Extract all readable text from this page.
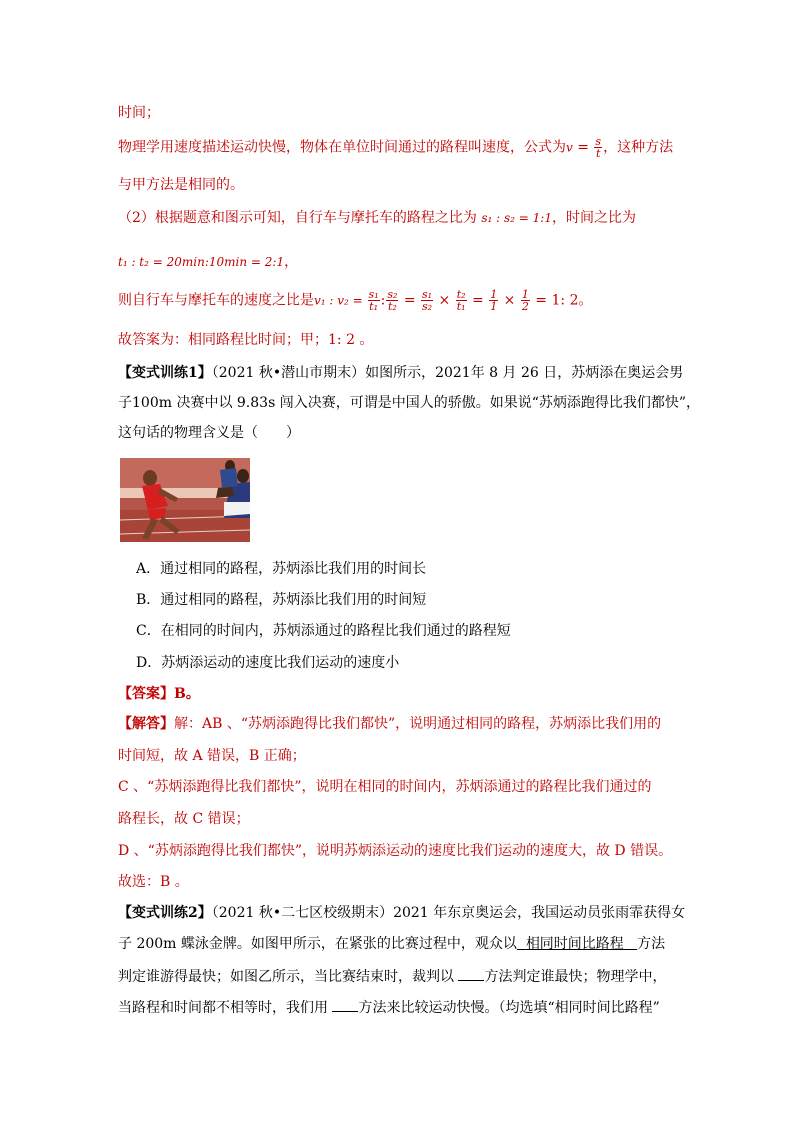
时间；
物理学用速度描述运动快慢，物体在单位时间通过的路程叫速度，公式为$v = \frac{s}{t}$ ，这种方法
与甲方法是相同的。
（2）根据题意和图示可知，自行车与摩托车的路程之比为 s₁ : s₂ = 1:1，时间之比为
t₁ : t₂ = 20min:10min = 2:1，
则自行车与摩托车的速度之比是v₁ : $v_2 = \frac{\text{s₁}}{\text{t₁}}$ : $\frac{\text{s₂}}{\text{t₂}} = \frac{\text{s₁}}{\text{s₂}} \times \frac{\text{t₂}}{\text{t₁}} = \frac{1}{1} \times \frac{1}{2} = 1$: 2。
故答案为：相同路程比时间；甲；1: 2 。
【变式训练1】（2021 秋•潜山市期末）如图所示，2021年 8 月 26 日，苏炳添在奥运会男
子100m 决赛中以 9.83s 闯入决赛，可谓是中国人的骄傲。如果说“苏炳添跑得比我们都快”，
这句话的物理含义是（　　）
A．通过相同的路程，苏炳添比我们用的时间长
B．通过相同的路程，苏炳添比我们用的时间短
C．在相同的时间内，苏炳添通过的路程比我们通过的路程短
D．苏炳添运动的速度比我们运动的速度小
【答案】B。
【解答】解：AB 、“苏炳添跑得比我们都快”，说明通过相同的路程，苏炳添比我们用的
时间短，故 A 错误，B 正确；
C 、“苏炳添跑得比我们都快”，说明在相同的时间内，苏炳添通过的路程比我们通过的
路程长，故 C 错误；
D 、“苏炳添跑得比我们都快”，说明苏炳添运动的速度比我们运动的速度大，故 D 错误。
故选：B 。
【变式训练2】（2021 秋•二七区校级期末）2021 年东京奥运会，我国运动员张雨霏获得女
子 200m 蝶泳金牌。如图甲所示，在紧张的比赛过程中，观众以 相同时间比路程 方法
判定谁游得最快；如图乙所示，当比赛结束时，裁判以 方法判定谁最快；物理学中，
当路程和时间都不相等时，我们用 方法来比较运动快慢。（均选填“相同时间比路程”
